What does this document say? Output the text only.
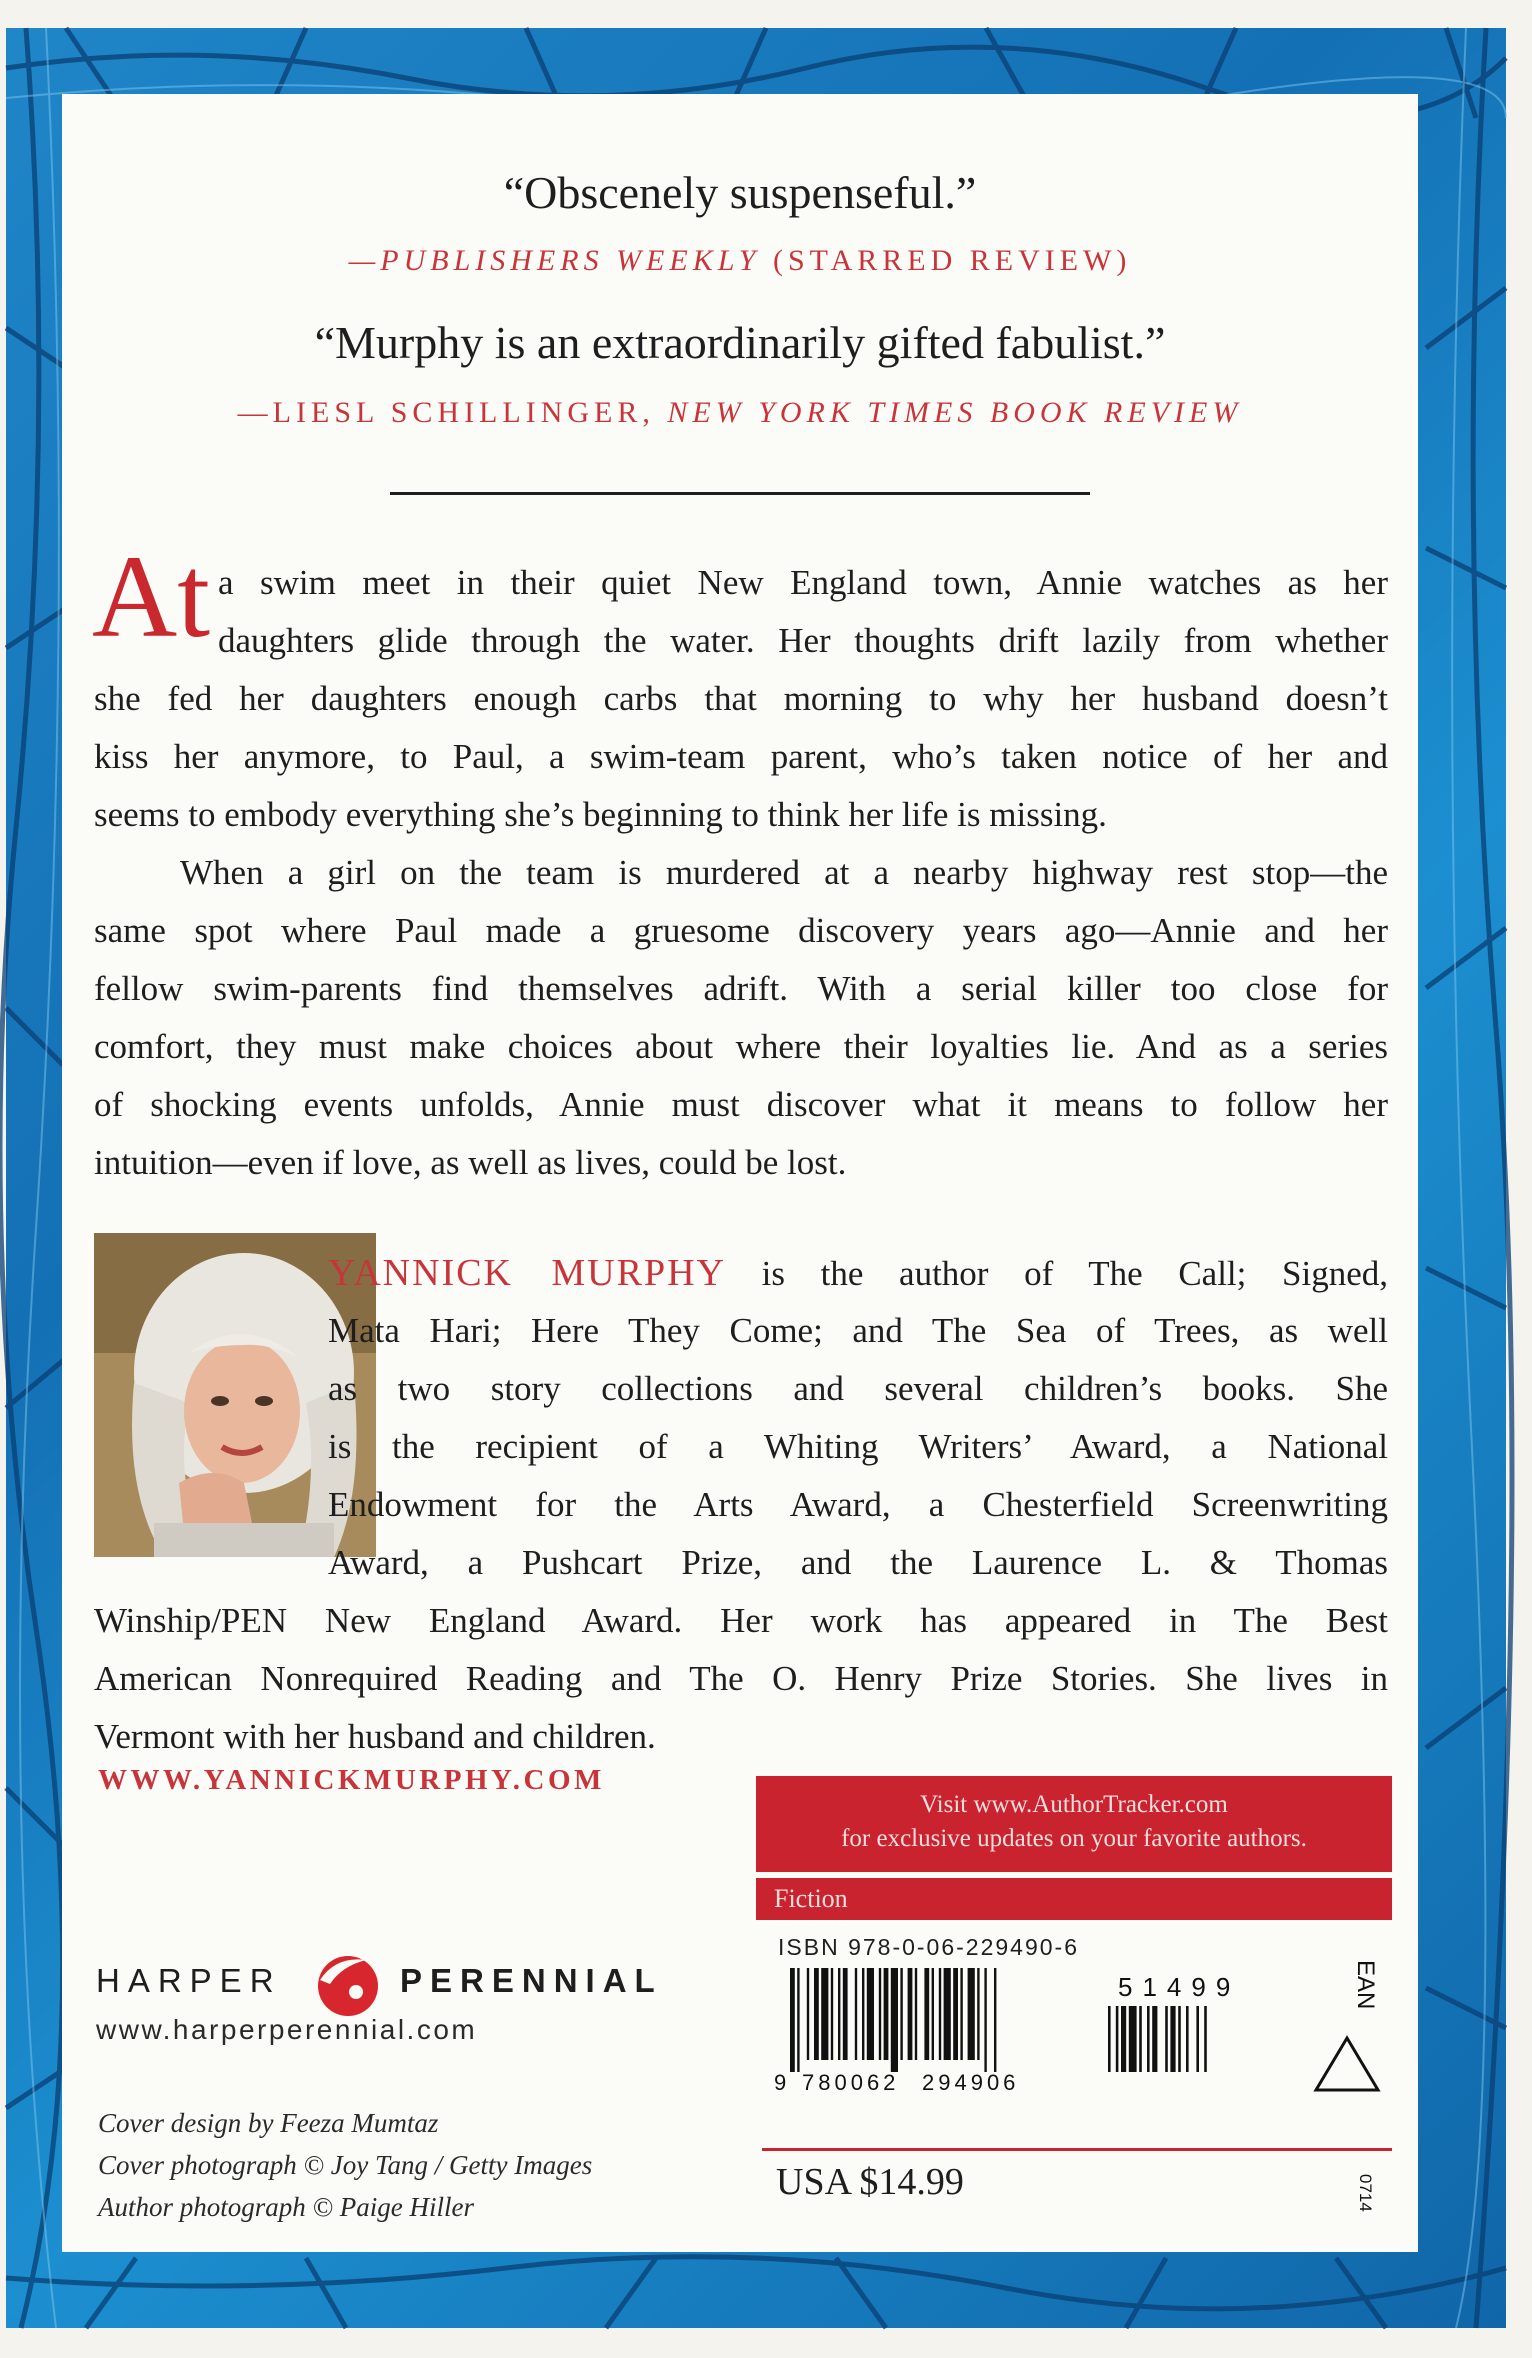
“Obscenely suspenseful.”
—PUBLISHERS WEEKLY (STARRED REVIEW)
“Murphy is an extraordinarily gifted fabulist.”
—LIESL SCHILLINGER, NEW YORK TIMES BOOK REVIEW
At a swim meet in their quiet New England town, Annie watches as her
daughters glide through the water. Her thoughts drift lazily from whether
she fed her daughters enough carbs that morning to why her husband doesn’t
kiss her anymore, to Paul, a swim-team parent, who’s taken notice of her and
seems to embody everything she’s beginning to think her life is missing.
When a girl on the team is murdered at a nearby highway rest stop—the
same spot where Paul made a gruesome discovery years ago—Annie and her
fellow swim-parents find themselves adrift. With a serial killer too close for
comfort, they must make choices about where their loyalties lie. And as a series
of shocking events unfolds, Annie must discover what it means to follow her
intuition—even if love, as well as lives, could be lost.
YANNICK MURPHY is the author of The Call; Signed,
Mata Hari; Here They Come; and The Sea of Trees, as well
as two story collections and several children’s books. She
is the recipient of a Whiting Writers’ Award, a National
Endowment for the Arts Award, a Chesterfield Screenwriting
Award, a Pushcart Prize, and the Laurence L. & Thomas
Winship/PEN New England Award. Her work has appeared in The Best
American Nonrequired Reading and The O. Henry Prize Stories. She lives in
Vermont with her husband and children.
WWW.YANNICKMURPHY.COM
Visit www.AuthorTracker.com
for exclusive updates on your favorite authors.
Fiction
HARPER	PERENNIAL
www.harperperennial.com
Cover design by Feeza Mumtaz
Cover photograph © Joy Tang / Getty Images
Author photograph © Paige Hiller
ISBN 978-0-06-229490-6
9 780062 294906
51499	EAN
USA $14.99	0714
